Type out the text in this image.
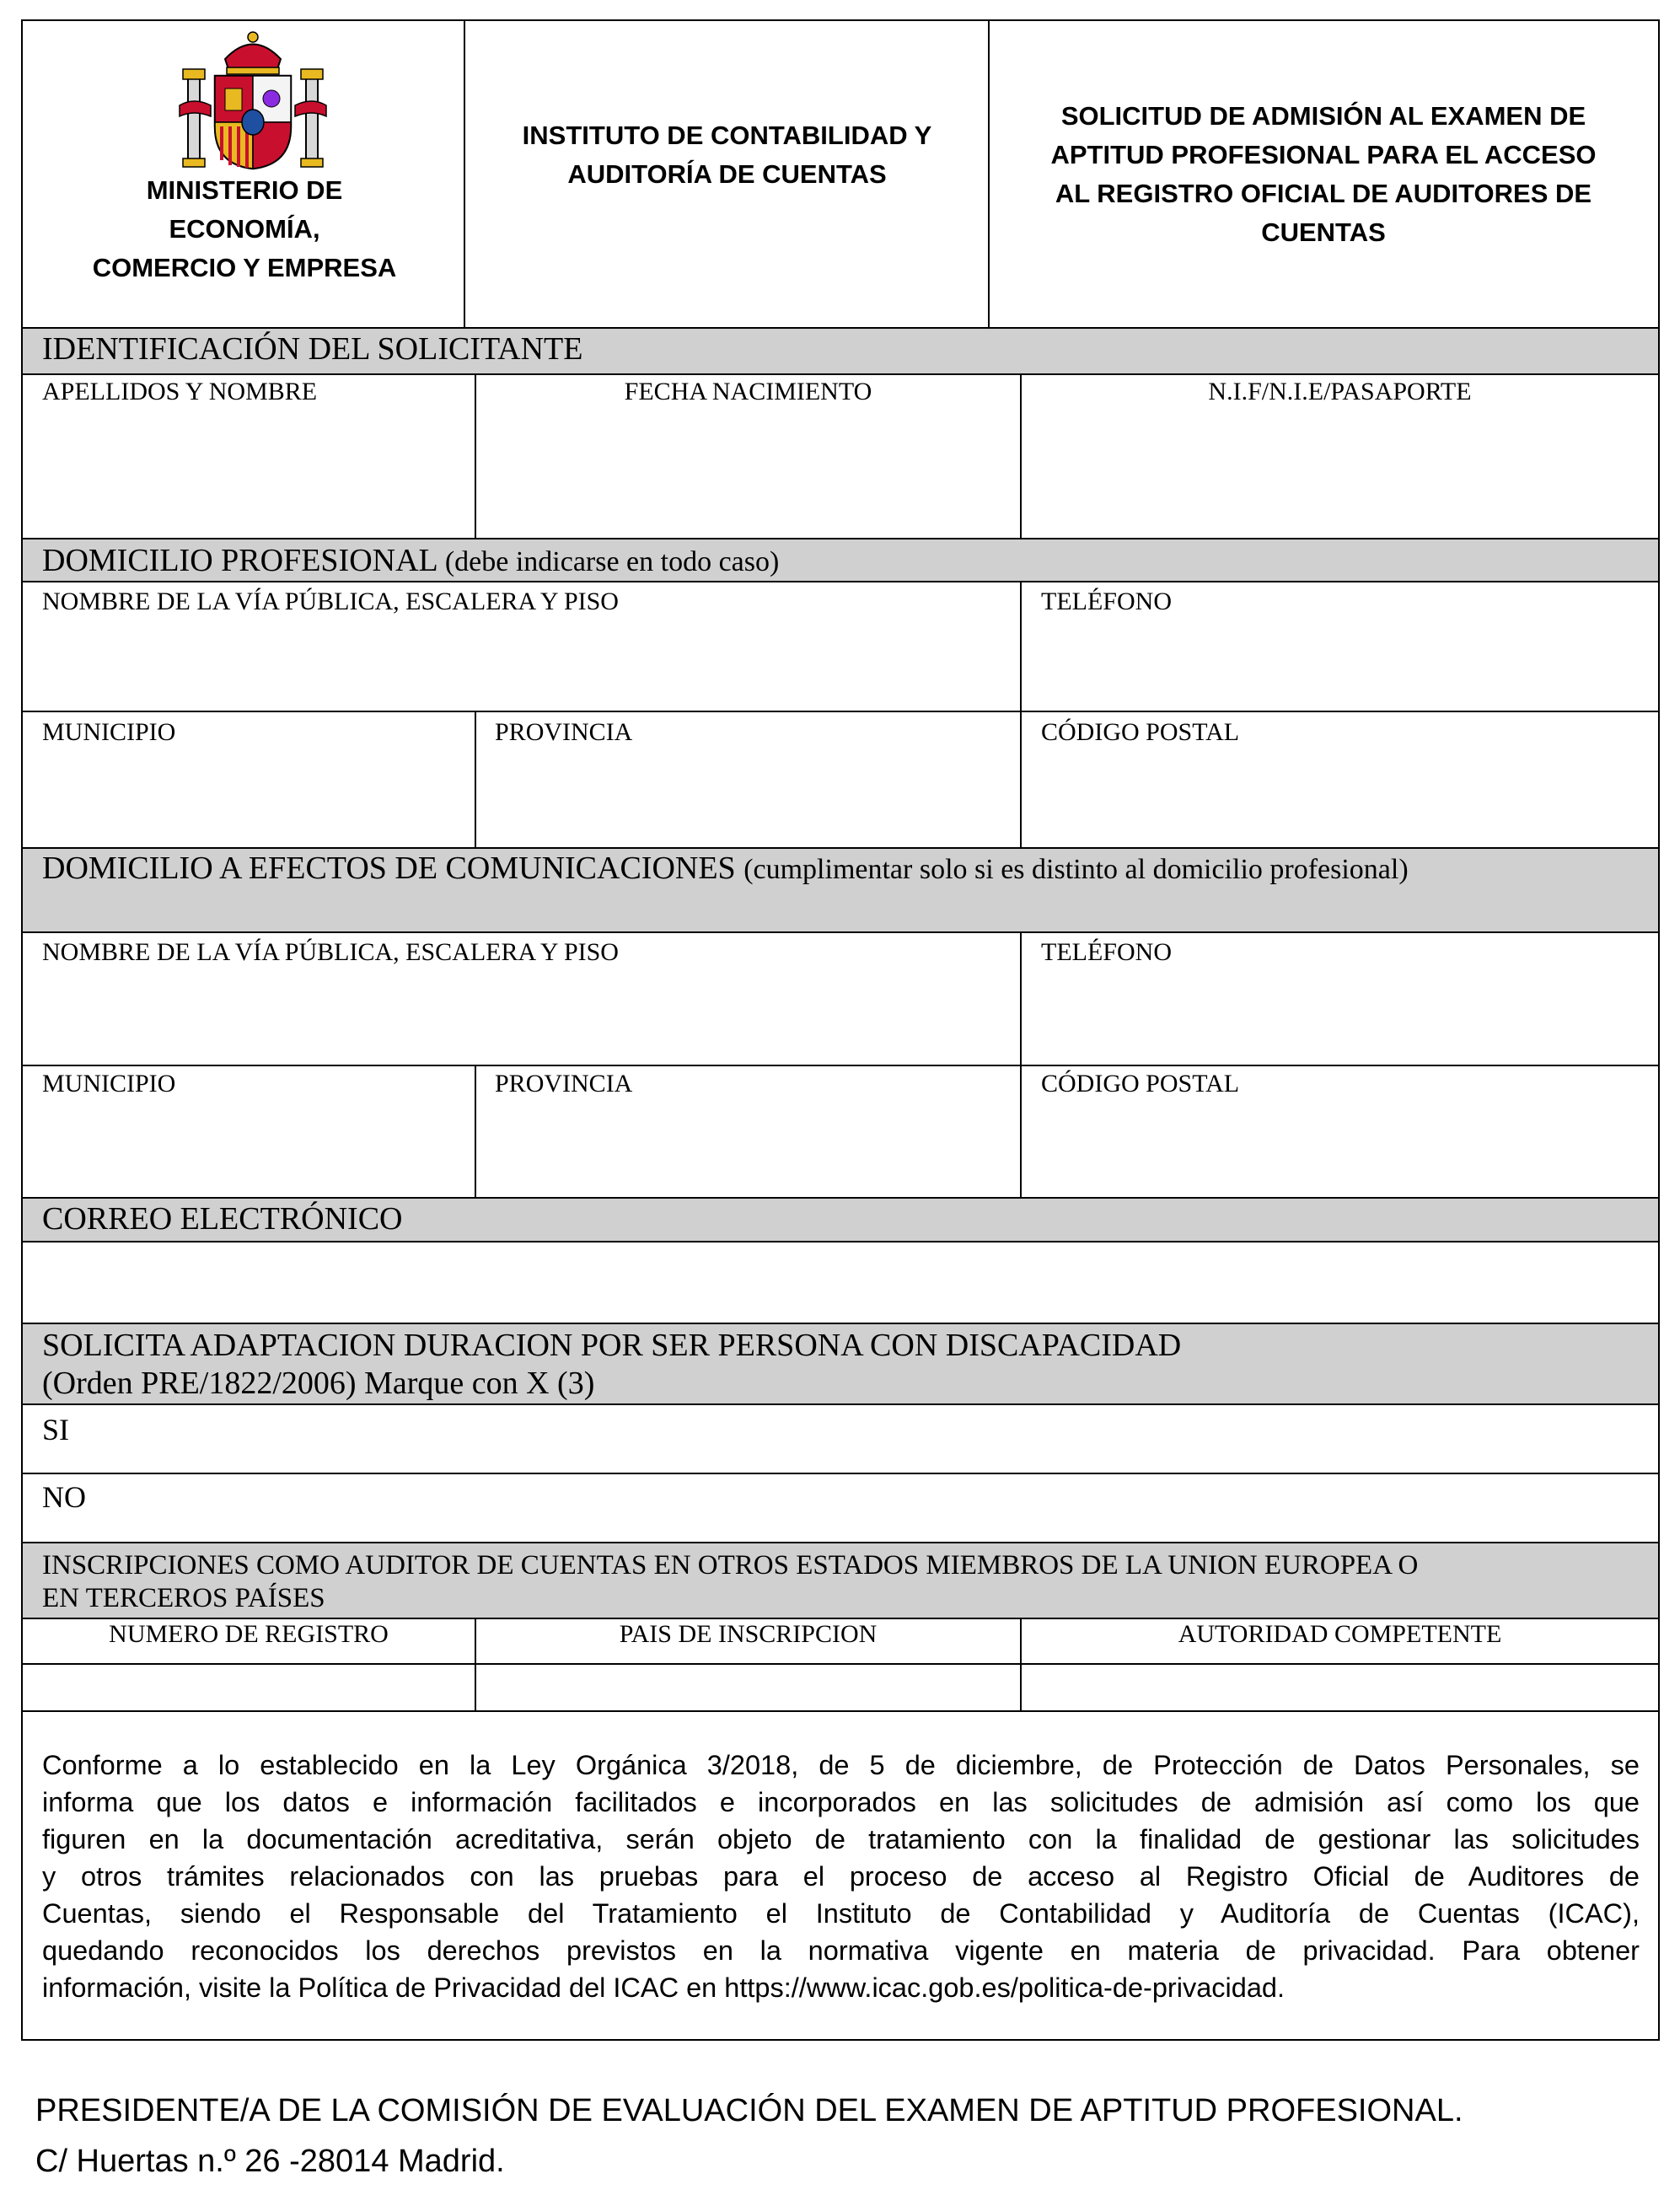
MINISTERIO DE
ECONOMÍA,
COMERCIO Y EMPRESA
INSTITUTO DE CONTABILIDAD Y
AUDITORÍA DE CUENTAS
SOLICITUD DE ADMISIÓN AL EXAMEN DE
APTITUD PROFESIONAL PARA EL ACCESO
AL REGISTRO OFICIAL DE AUDITORES DE
CUENTAS
IDENTIFICACIÓN DEL SOLICITANTE
APELLIDOS Y NOMBRE	FECHA NACIMIENTO	N.I.F/N.I.E/PASAPORTE
DOMICILIO PROFESIONAL (debe indicarse en todo caso)
NOMBRE DE LA VÍA PÚBLICA, ESCALERA Y PISO	TELÉFONO
MUNICIPIO	PROVINCIA	CÓDIGO POSTAL
DOMICILIO A EFECTOS DE COMUNICACIONES (cumplimentar solo si es distinto al domicilio profesional)
NOMBRE DE LA VÍA PÚBLICA, ESCALERA Y PISO	TELÉFONO
MUNICIPIO	PROVINCIA	CÓDIGO POSTAL
CORREO ELECTRÓNICO
SOLICITA ADAPTACION DURACION POR SER PERSONA CON DISCAPACIDAD
(Orden PRE/1822/2006) Marque con X (3)
SI
NO
INSCRIPCIONES COMO AUDITOR DE CUENTAS EN OTROS ESTADOS MIEMBROS DE LA UNION EUROPEA O
EN TERCEROS PAÍSES
NUMERO DE REGISTRO	PAIS DE INSCRIPCION	AUTORIDAD COMPETENTE
Conforme a lo establecido en la Ley Orgánica 3/2018, de 5 de diciembre, de Protección de Datos Personales, se
informa que los datos e información facilitados e incorporados en las solicitudes de admisión así como los que
figuren en la documentación acreditativa, serán objeto de tratamiento con la finalidad de gestionar las solicitudes
y otros trámites relacionados con las pruebas para el proceso de acceso al Registro Oficial de Auditores de
Cuentas, siendo el Responsable del Tratamiento el Instituto de Contabilidad y Auditoría de Cuentas (ICAC),
quedando reconocidos los derechos previstos en la normativa vigente en materia de privacidad. Para obtener
información, visite la Política de Privacidad del ICAC en https://www.icac.gob.es/politica-de-privacidad.
PRESIDENTE/A DE LA COMISIÓN DE EVALUACIÓN DEL EXAMEN DE APTITUD PROFESIONAL.
C/ Huertas n.º 26 -28014 Madrid.
